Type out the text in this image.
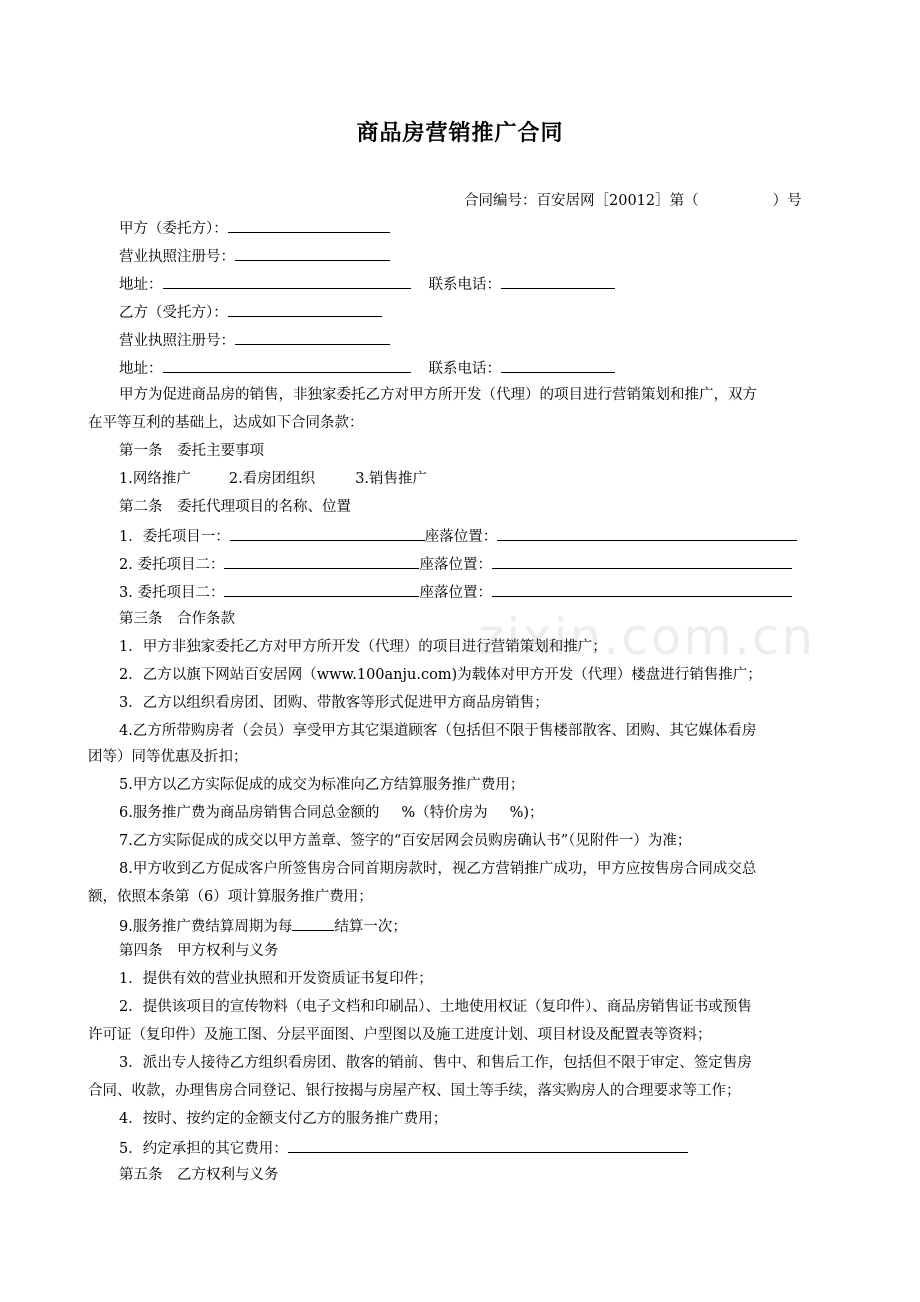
zixin.com.cn
商品房营销推广合同
合同编号：百安居网［20012］第（	）号
甲方（委托方）：
营业执照注册号：
地址：	联系电话：
乙方（受托方）：
营业执照注册号：
地址：	联系电话：
甲方为促进商品房的销售，非独家委托乙方对甲方所开发（代理）的项目进行营销策划和推广，双方
在平等互利的基础上，达成如下合同条款：
第一条　委托主要事项
1.网络推广	2.看房团组织	3.销售推广
第二条　委托代理项目的名称、位置
1．委托项目一：	座落位置：
2. 委托项目二：	座落位置：
3. 委托项目二：	座落位置：
第三条　合作条款
1．甲方非独家委托乙方对甲方所开发（代理）的项目进行营销策划和推广；
2．乙方以旗下网站百安居网（www.100anju.com)为载体对甲方开发（代理）楼盘进行销售推广；
3．乙方以组织看房团、团购、带散客等形式促进甲方商品房销售；
4.乙方所带购房者（会员）享受甲方其它渠道顾客（包括但不限于售楼部散客、团购、其它媒体看房
团等）同等优惠及折扣；
5.甲方以乙方实际促成的成交为标准向乙方结算服务推广费用；
6.服务推广费为商品房销售合同总金额的 %（特价房为 %)；
7.乙方实际促成的成交以甲方盖章、签字的“百安居网会员购房确认书”（见附件一）为准；
8.甲方收到乙方促成客户所签售房合同首期房款时，视乙方营销推广成功，甲方应按售房合同成交总
额，依照本条第（6）项计算服务推广费用；
9.服务推广费结算周期为每	结算一次；
第四条　甲方权利与义务
1．提供有效的营业执照和开发资质证书复印件；
2．提供该项目的宣传物料（电子文档和印刷品）、土地使用权证（复印件）、商品房销售证书或预售
许可证（复印件）及施工图、分层平面图、户型图以及施工进度计划、项目材设及配置表等资料；
3．派出专人接待乙方组织看房团、散客的销前、售中、和售后工作，包括但不限于审定、签定售房
合同、收款，办理售房合同登记、银行按揭与房屋产权、国土等手续，落实购房人的合理要求等工作；
4．按时、按约定的金额支付乙方的服务推广费用；
5．约定承担的其它费用：
第五条　乙方权利与义务
